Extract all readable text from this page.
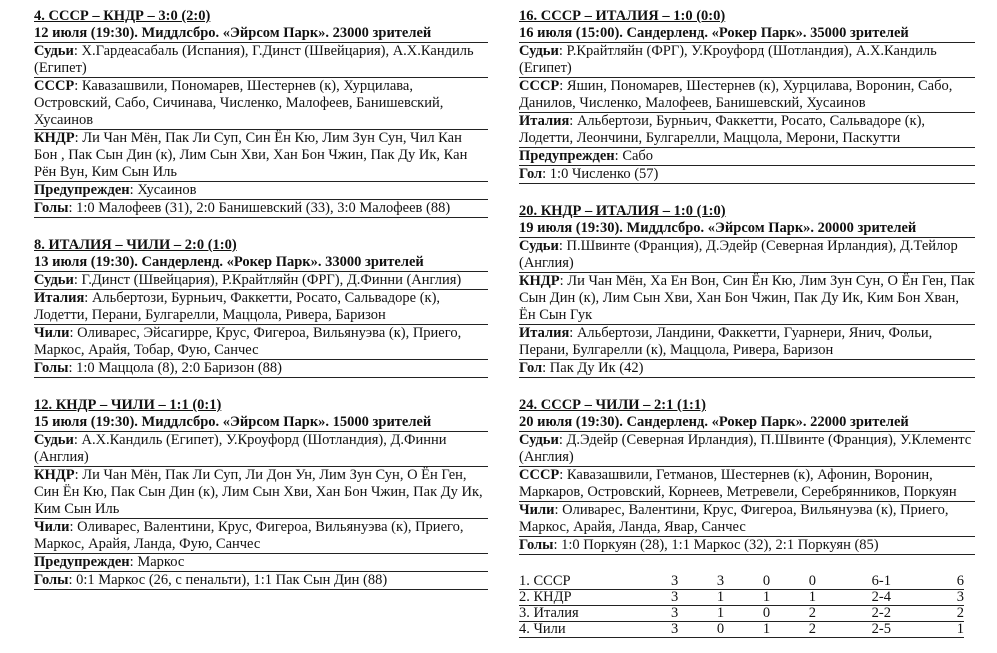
4. СССР – КНДР – 3:0 (2:0)
12 июля (19:30). Миддлсбро. «Эйрсом Парк». 23000 зрителей
Судьи: Х.Гардеасабаль (Испания), Г.Динст (Швейцария), А.Х.Кандиль (Египет)
СССР: Кавазашвили, Пономарев, Шестернев (к), Хурцилава, Островский, Сабо, Сичинава, Численко, Малофеев, Банишевский, Хусаинов
КНДР: Ли Чан Мён, Пак Ли Суп, Син Ён Кю, Лим Зун Сун, Чил Кан Бон , Пак Сын Дин (к), Лим Сын Хви, Хан Бон Чжин, Пак Ду Ик, Кан Рён Вун, Ким Сын Иль
Предупрежден: Хусаинов
Голы: 1:0 Малофеев (31), 2:0 Банишевский (33), 3:0 Малофеев (88)
8. ИТАЛИЯ – ЧИЛИ – 2:0 (1:0)
13 июля (19:30). Сандерленд. «Рокер Парк». 33000 зрителей
Судьи: Г.Динст (Швейцария), Р.Крайтляйн (ФРГ), Д.Финни (Англия)
Италия: Альбертози, Бурньич, Факкетти, Росато, Сальвадоре (к), Лодетти, Перани, Булгарелли, Маццола, Ривера, Баризон
Чили: Оливарес, Эйсагирре, Крус, Фигероа, Вильянуэва (к), Приего, Маркос, Арайя, Тобар, Фую, Санчес
Голы: 1:0 Маццола (8), 2:0 Баризон (88)
12. КНДР – ЧИЛИ – 1:1 (0:1)
15 июля (19:30). Миддлсбро. «Эйрсом Парк». 15000 зрителей
Судьи: А.Х.Кандиль (Египет), У.Кроуфорд (Шотландия), Д.Финни (Англия)
КНДР: Ли Чан Мён, Пак Ли Суп, Ли Дон Ун, Лим Зун Сун, О Ён Ген, Син Ён Кю, Пак Сын Дин (к), Лим Сын Хви, Хан Бон Чжин, Пак Ду Ик, Ким Сын Иль
Чили: Оливарес, Валентини, Крус, Фигероа, Вильянуэва (к), Приего, Маркос, Арайя, Ланда, Фую, Санчес
Предупрежден: Маркос
Голы: 0:1 Маркос (26, с пенальти), 1:1 Пак Сын Дин (88)
16. СССР – ИТАЛИЯ – 1:0 (0:0)
16 июля (15:00). Сандерленд. «Рокер Парк». 35000 зрителей
Судьи: Р.Крайтляйн (ФРГ), У.Кроуфорд (Шотландия), А.Х.Кандиль (Египет)
СССР: Яшин, Пономарев, Шестернев (к), Хурцилава, Воронин, Сабо, Данилов, Численко, Малофеев, Банишевский, Хусаинов
Италия: Альбертози, Бурньич, Факкетти, Росато, Сальвадоре (к), Лодетти, Леончини, Булгарелли, Маццола, Мерони, Паскутти
Предупрежден: Сабо
Гол: 1:0 Численко (57)
20. КНДР – ИТАЛИЯ – 1:0 (1:0)
19 июля (19:30). Миддлсбро. «Эйрсом Парк». 20000 зрителей
Судьи: П.Швинте (Франция), Д.Эдейр (Северная Ирландия), Д.Тейлор (Англия)
КНДР: Ли Чан Мён, Ха Ен Вон, Син Ён Кю, Лим Зун Сун, О Ён Ген, Пак Сын Дин (к), Лим Сын Хви, Хан Бон Чжин, Пак Ду Ик, Ким Бон Хван, Ён Сын Гук
Италия: Альбертози, Ландини, Факкетти, Гуарнери, Янич, Фольи, Перани, Булгарелли (к), Маццола, Ривера, Баризон
Гол: Пак Ду Ик (42)
24. СССР – ЧИЛИ – 2:1 (1:1)
20 июля (19:30). Сандерленд. «Рокер Парк». 22000 зрителей
Судьи: Д.Эдейр (Северная Ирландия), П.Швинте (Франция), У.Клементс (Англия)
СССР: Кавазашвили, Гетманов, Шестернев (к), Афонин, Воронин, Маркаров, Островский, Корнеев, Метревели, Серебрянников, Поркуян
Чили: Оливарес, Валентини, Крус, Фигероа, Вильянуэва (к), Приего, Маркос, Арайя, Ланда, Явар, Санчес
Голы: 1:0 Поркуян (28), 1:1 Маркос (32), 2:1 Поркуян (85)
1. СССР	3	3	0	0	6-1	6
2. КНДР	3	1	1	1	2-4	3
3. Италия	3	1	0	2	2-2	2
4. Чили	3	0	1	2	2-5	1
